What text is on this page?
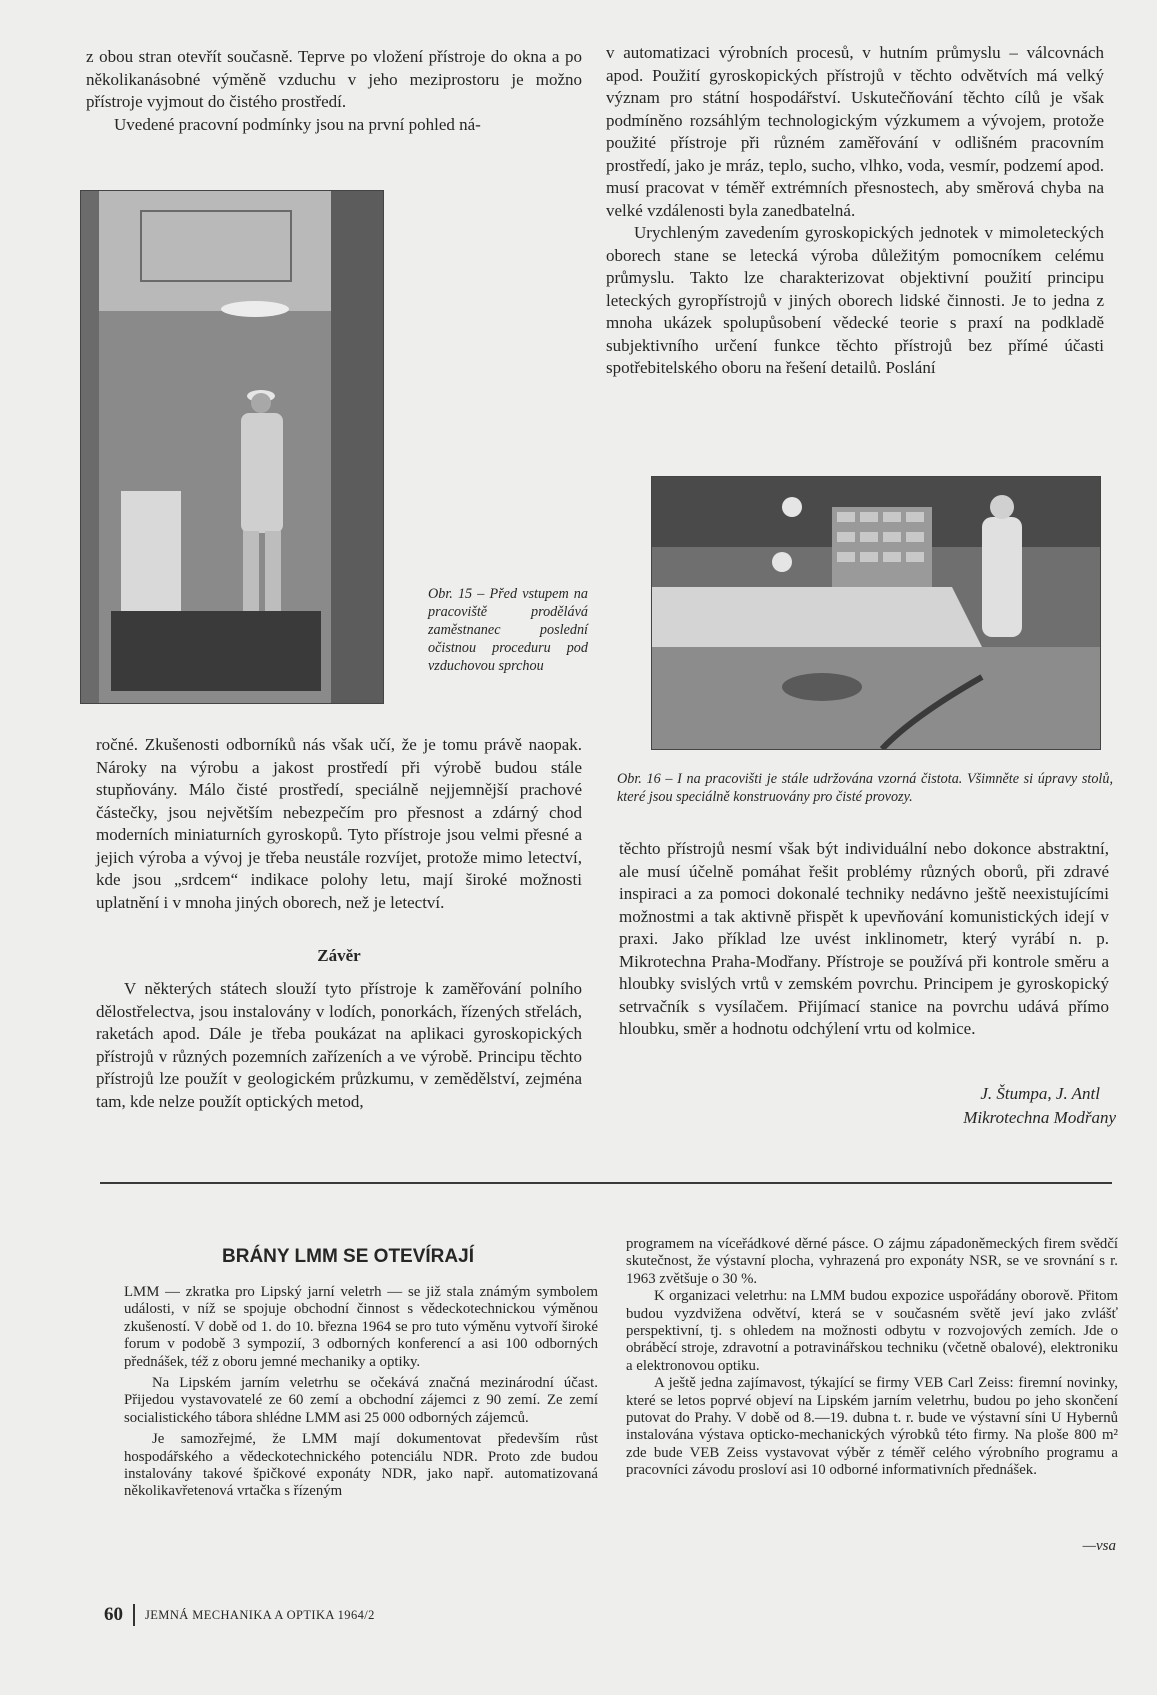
z obou stran otevřít současně. Teprve po vložení přístroje do okna a po několikanásobné výměně vzduchu v jeho meziprostoru je možno přístroje vyjmout do čistého prostředí.

Uvedené pracovní podmínky jsou na první pohled ná-

Obr. 15 – Před vstupem na pracoviště prodělává zaměstnanec poslední očistnou proceduru pod vzduchovou sprchou

v automatizaci výrobních procesů, v hutním průmyslu – válcovnách apod. Použití gyroskopických přístrojů v těchto odvětvích má velký význam pro státní hospodářství. Uskutečňování těchto cílů je však podmíněno rozsáhlým technologickým výzkumem a vývojem, protože použité přístroje při různém zaměřování v odlišném pracovním prostředí, jako je mráz, teplo, sucho, vlhko, voda, vesmír, podzemí apod. musí pracovat v téměř extrémních přesnostech, aby směrová chyba na velké vzdálenosti byla zanedbatelná.

Urychleným zavedením gyroskopických jednotek v mimoleteckých oborech stane se letecká výroba důležitým pomocníkem celému průmyslu. Takto lze charakterizovat objektivní použití principu leteckých gyropřístrojů v jiných oborech lidské činnosti. Je to jedna z mnoha ukázek spolupůsobení vědecké teorie s praxí na podkladě subjektivního určení funkce těchto přístrojů bez přímé účasti spotřebitelského oboru na řešení detailů. Poslání

Obr. 16 – I na pracovišti je stále udržována vzorná čistota. Všimněte si úpravy stolů, které jsou speciálně konstruovány pro čisté provozy.

ročné. Zkušenosti odborníků nás však učí, že je tomu právě naopak. Nároky na výrobu a jakost prostředí při výrobě budou stále stupňovány. Málo čisté prostředí, speciálně nejjemnější prachové částečky, jsou největším nebezpečím pro přesnost a zdárný chod moderních miniaturních gyroskopů. Tyto přístroje jsou velmi přesné a jejich výroba a vývoj je třeba neustále rozvíjet, protože mimo letectví, kde jsou „srdcem“ indikace polohy letu, mají široké možnosti uplatnění i v mnoha jiných oborech, než je letectví.

Závěr

V některých státech slouží tyto přístroje k zaměřování polního dělostřelectva, jsou instalovány v lodích, ponorkách, řízených střelách, raketách apod. Dále je třeba poukázat na aplikaci gyroskopických přístrojů v různých pozemních zařízeních a ve výrobě. Principu těchto přístrojů lze použít v geologickém průzkumu, v zemědělství, zejména tam, kde nelze použít optických metod,

těchto přístrojů nesmí však být individuální nebo dokonce abstraktní, ale musí účelně pomáhat řešit problémy různých oborů, při zdravé inspiraci a za pomoci dokonalé techniky nedávno ještě neexistujícími možnostmi a tak aktivně přispět k upevňování komunistických idejí v praxi. Jako příklad lze uvést inklinometr, který vyrábí n. p. Mikrotechna Praha-Modřany. Přístroje se používá při kontrole směru a hloubky svislých vrtů v zemském povrchu. Principem je gyroskopický setrvačník s vysílačem. Přijímací stanice na povrchu udává přímo hloubku, směr a hodnotu odchýlení vrtu od kolmice.

J. Štumpa, J. Antl
Mikrotechna Modřany
BRÁNY LMM SE OTEVÍRAJÍ

LMM — zkratka pro Lipský jarní veletrh — se již stala známým symbolem události, v níž se spojuje obchodní činnost s vědeckotechnickou výměnou zkušeností. V době od 1. do 10. března 1964 se pro tuto výměnu vytvoří široké forum v podobě 3 sympozií, 3 odborných konferencí a asi 100 odborných přednášek, též z oboru jemné mechaniky a optiky.

Na Lipském jarním veletrhu se očekává značná mezinárodní účast. Přijedou vystavovatelé ze 60 zemí a obchodní zájemci z 90 zemí. Ze zemí socialistického tábora shlédne LMM asi 25 000 odborných zájemců.

Je samozřejmé, že LMM mají dokumentovat především růst hospodářského a vědeckotechnického potenciálu NDR. Proto zde budou instalovány takové špičkové exponáty NDR, jako např. automatizovaná několikavřetenová vrtačka s řízeným

programem na víceřádkové děrné pásce. O zájmu západoněmeckých firem svědčí skutečnost, že výstavní plocha, vyhrazená pro exponáty NSR, se ve srovnání s r. 1963 zvětšuje o 30 %.

K organizaci veletrhu: na LMM budou expozice uspořádány oborově. Přitom budou vyzdvižena odvětví, která se v současném světě jeví jako zvlášť perspektivní, tj. s ohledem na možnosti odbytu v rozvojových zemích. Jde o obráběcí stroje, zdravotní a potravinářskou techniku (včetně obalové), elektroniku a elektronovou optiku.

A ještě jedna zajímavost, týkající se firmy VEB Carl Zeiss: firemní novinky, které se letos poprvé objeví na Lipském jarním veletrhu, budou po jeho skončení putovat do Prahy. V době od 8.—19. dubna t. r. bude ve výstavní síni U Hybernů instalována výstava opticko-mechanických výrobků této firmy. Na ploše 800 m² zde bude VEB Zeiss vystavovat výběr z téměř celého výrobního programu a pracovníci závodu prosloví asi 10 odborné informativních přednášek.

—vsa
60 JEMNÁ MECHANIKA A OPTIKA 1964/2
